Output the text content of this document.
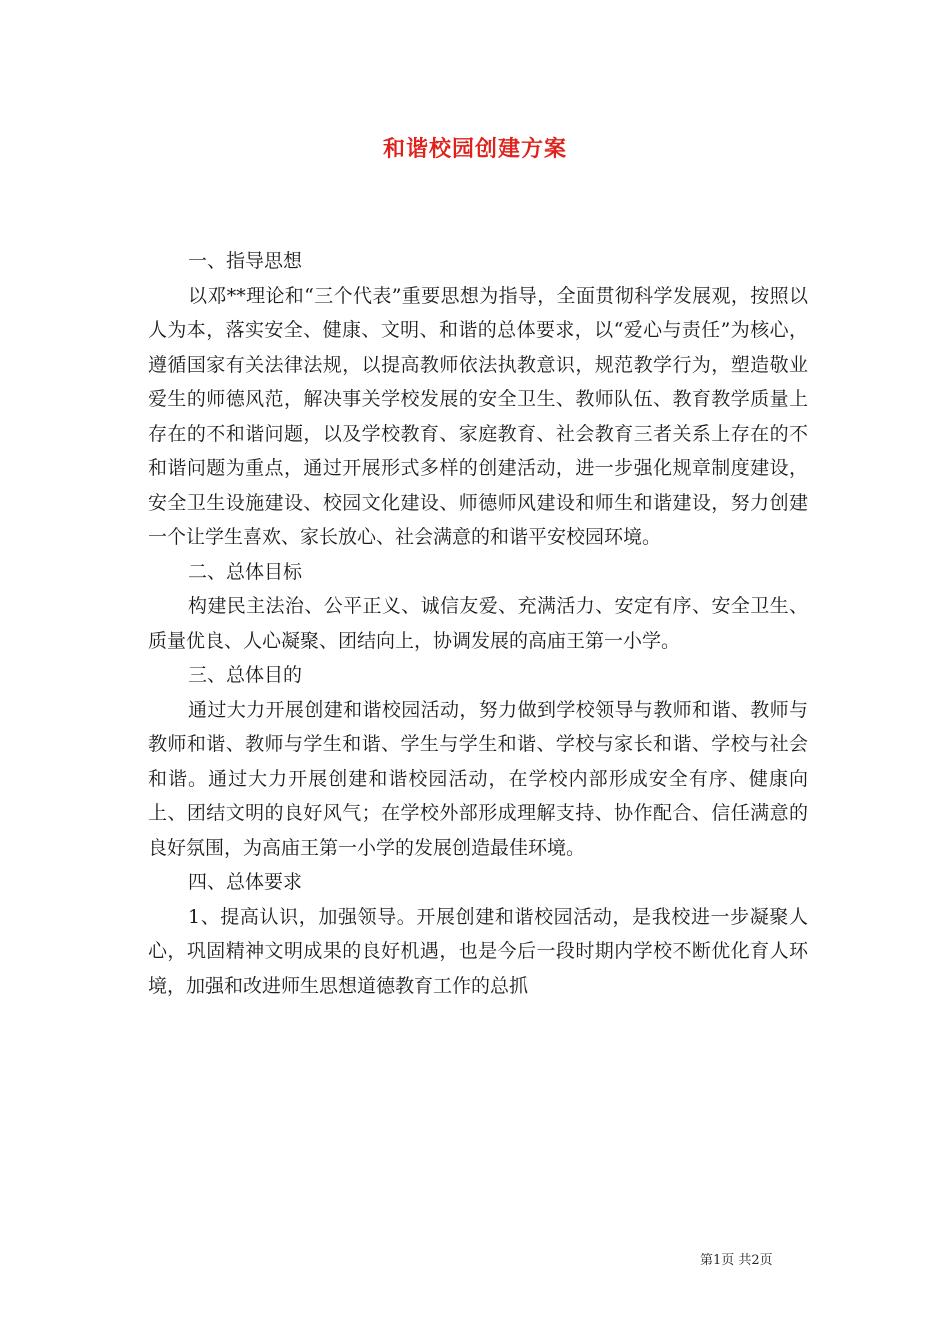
和谐校园创建方案

一、指导思想

以邓**理论和“三个代表”重要思想为指导，全面贯彻科学发展观，按照以人为本，落实安全、健康、文明、和谐的总体要求，以“爱心与责任”为核心，遵循国家有关法律法规，以提高教师依法执教意识，规范教学行为，塑造敬业爱生的师德风范，解决事关学校发展的安全卫生、教师队伍、教育教学质量上存在的不和谐问题，以及学校教育、家庭教育、社会教育三者关系上存在的不和谐问题为重点，通过开展形式多样的创建活动，进一步强化规章制度建设，安全卫生设施建设、校园文化建设、师德师风建设和师生和谐建设，努力创建一个让学生喜欢、家长放心、社会满意的和谐平安校园环境。

二、总体目标

构建民主法治、公平正义、诚信友爱、充满活力、安定有序、安全卫生、质量优良、人心凝聚、团结向上，协调发展的高庙王第一小学。

三、总体目的

通过大力开展创建和谐校园活动，努力做到学校领导与教师和谐、教师与教师和谐、教师与学生和谐、学生与学生和谐、学校与家长和谐、学校与社会和谐。通过大力开展创建和谐校园活动，在学校内部形成安全有序、健康向上、团结文明的良好风气；在学校外部形成理解支持、协作配合、信任满意的良好氛围，为高庙王第一小学的发展创造最佳环境。

四、总体要求

1、提高认识，加强领导。开展创建和谐校园活动，是我校进一步凝聚人心，巩固精神文明成果的良好机遇，也是今后一段时期内学校不断优化育人环境，加强和改进师生思想道德教育工作的总抓

第1页 共2页
